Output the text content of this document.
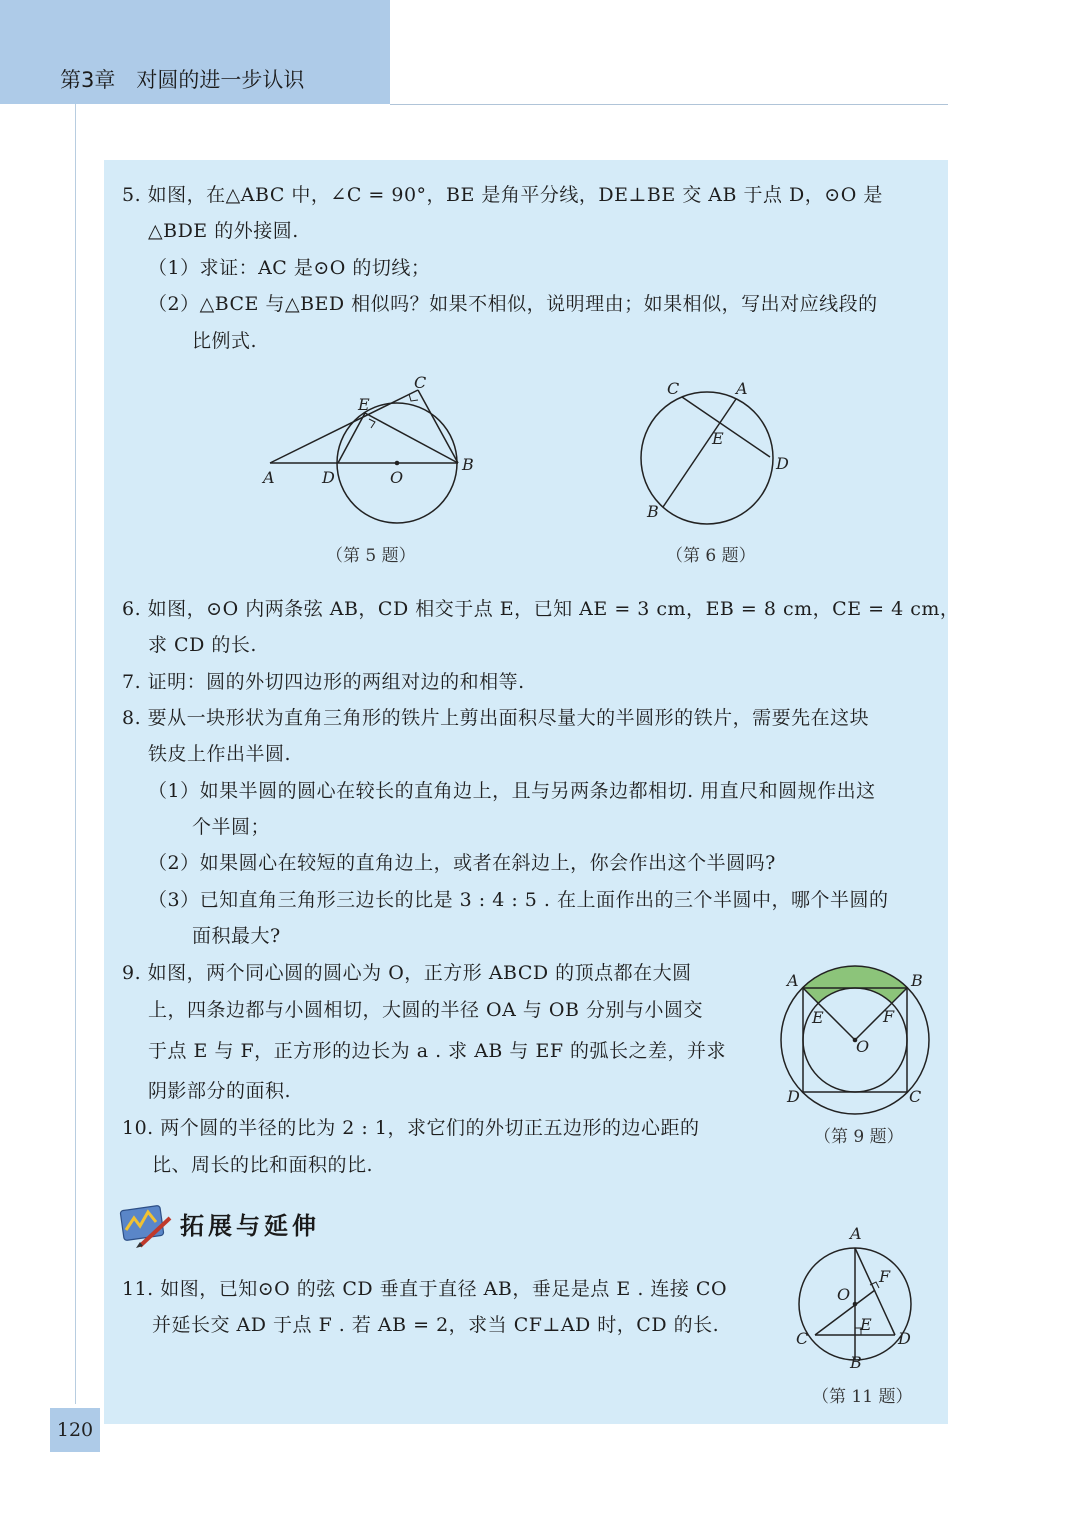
第3章　对圆的进一步认识
5. 如图，在△ABC 中，∠C = 90°，BE 是角平分线，DE⊥BE 交 AB 于点 D，⊙O 是
△BDE 的外接圆.
（1）求证：AC 是⊙O 的切线；
（2）△BCE 与△BED 相似吗？如果不相似，说明理由；如果相似，写出对应线段的
比例式.
A	D	O
B
E
C
（第 5 题）
C	A
E
D
B
（第 6 题）
6. 如图，⊙O 内两条弦 AB，CD 相交于点 E，已知 AE = 3 cm，EB = 8 cm，CE = 4 cm，
求 CD 的长.
7. 证明：圆的外切四边形的两组对边的和相等.
8. 要从一块形状为直角三角形的铁片上剪出面积尽量大的半圆形的铁片，需要先在这块
铁皮上作出半圆.
（1）如果半圆的圆心在较长的直角边上，且与另两条边都相切. 用直尺和圆规作出这
个半圆；
（2）如果圆心在较短的直角边上，或者在斜边上，你会作出这个半圆吗?
（3）已知直角三角形三边长的比是 3 : 4 : 5 . 在上面作出的三个半圆中，哪个半圆的
面积最大?
9. 如图，两个同心圆的圆心为 O，正方形 ABCD 的顶点都在大圆
上，四条边都与小圆相切，大圆的半径 OA 与 OB 分别与小圆交
于点 E 与 F，正方形的边长为 a . 求 AB 与 EF 的弧长之差，并求
阴影部分的面积.
A	B
E	F
O
D	C
（第 9 题）
10. 两个圆的半径的比为 2 : 1，求它们的外切正五边形的边心距的
比、周长的比和面积的比.
拓展与延伸
11. 如图，已知⊙O 的弦 CD 垂直于直径 AB，垂足是点 E . 连接 CO
并延长交 AD 于点 F . 若 AB = 2，求当 CF⊥AD 时，CD 的长.
A
F
O
E
C	D
B
（第 11 题）
120
